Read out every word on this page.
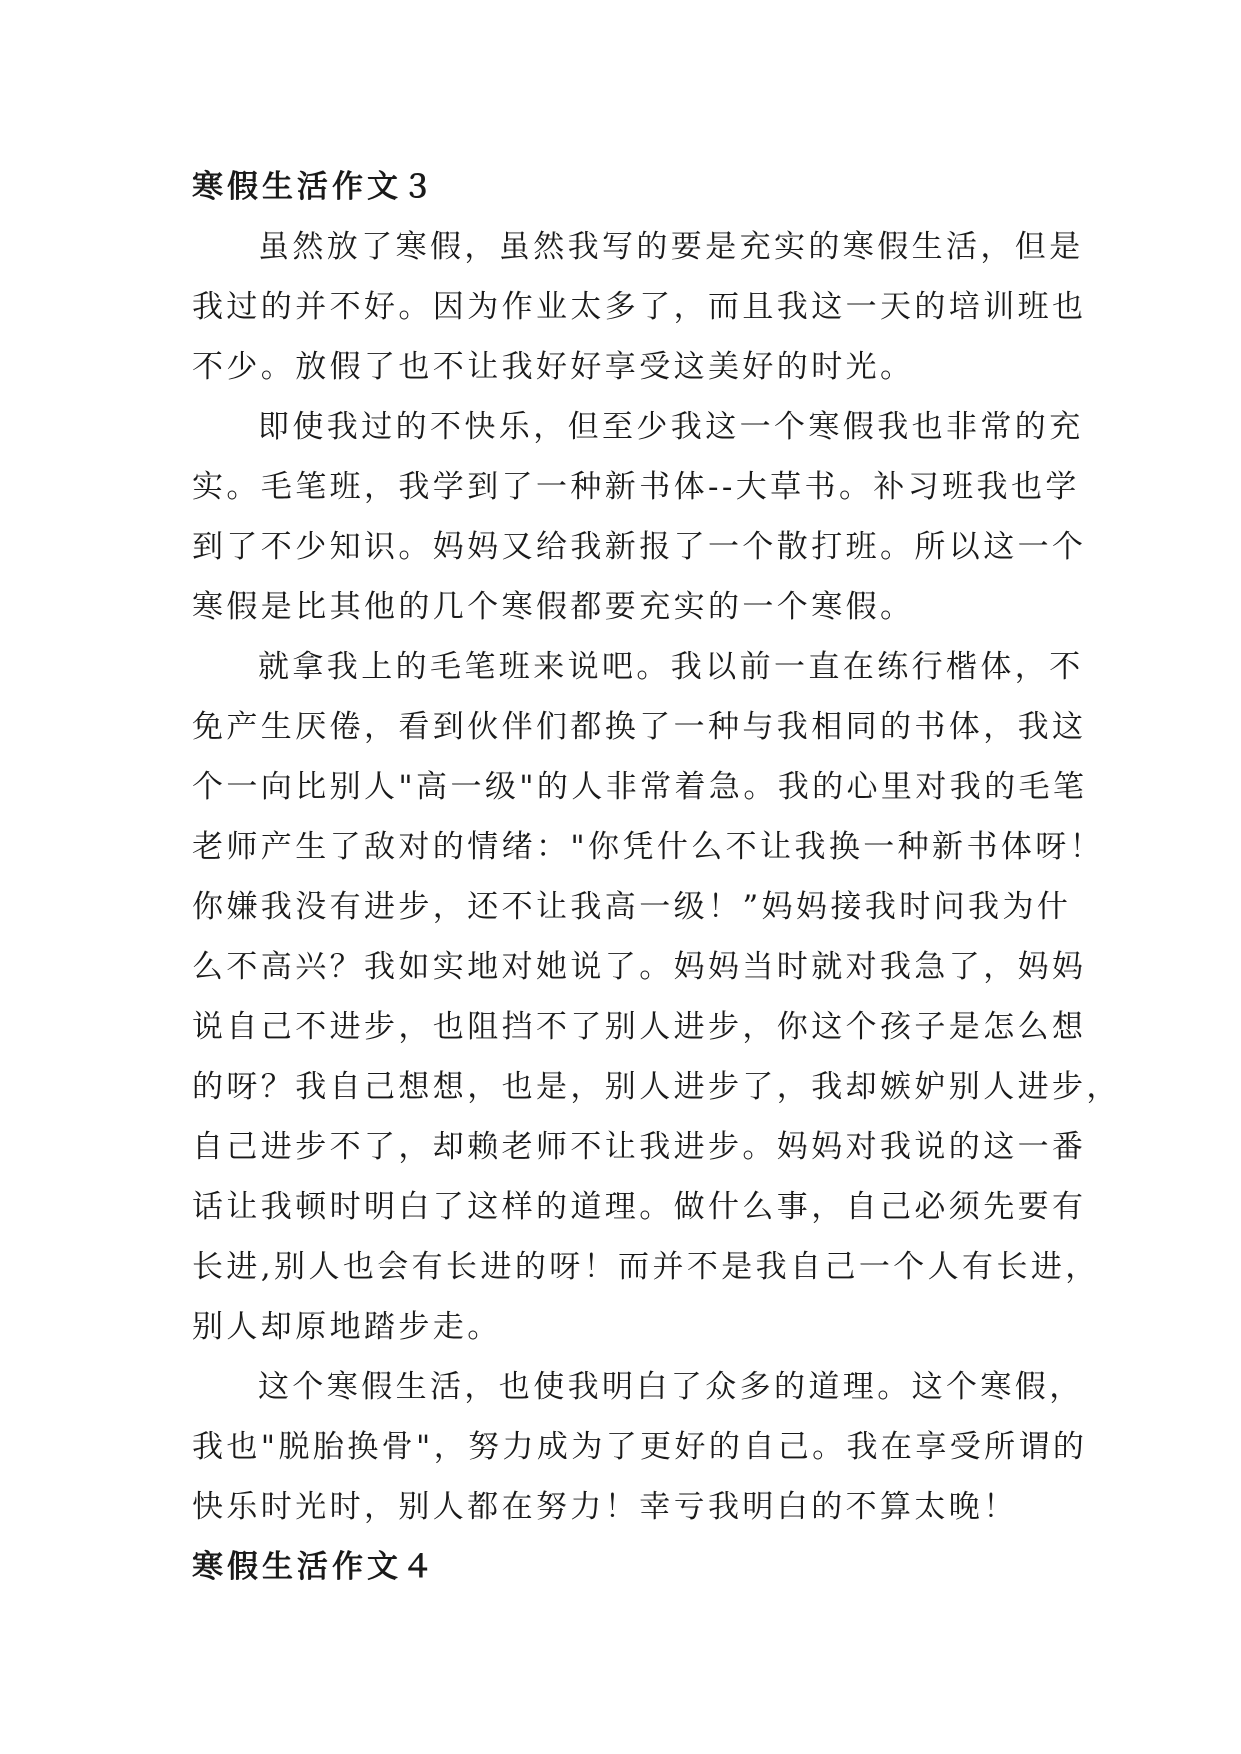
寒假生活作文３

虽然放了寒假，虽然我写的要是充实的寒假生活，但是
我过的并不好。因为作业太多了，而且我这一天的培训班也
不少。放假了也不让我好好享受这美好的时光。

即使我过的不快乐，但至少我这一个寒假我也非常的充
实。毛笔班，我学到了一种新书体--大草书。补习班我也学
到了不少知识。妈妈又给我新报了一个散打班。所以这一个
寒假是比其他的几个寒假都要充实的一个寒假。

就拿我上的毛笔班来说吧。我以前一直在练行楷体，不
免产生厌倦，看到伙伴们都换了一种与我相同的书体，我这
个一向比别人"高一级"的人非常着急。我的心里对我的毛笔
老师产生了敌对的情绪："你凭什么不让我换一种新书体呀！
你嫌我没有进步，还不让我高一级！”妈妈接我时问我为什
么不高兴？我如实地对她说了。妈妈当时就对我急了，妈妈
说自己不进步，也阻挡不了别人进步，你这个孩子是怎么想
的呀？我自己想想，也是，别人进步了，我却嫉妒别人进步，
自己进步不了，却赖老师不让我进步。妈妈对我说的这一番
话让我顿时明白了这样的道理。做什么事，自己必须先要有
长进,别人也会有长进的呀！而并不是我自己一个人有长进，
别人却原地踏步走。

这个寒假生活，也使我明白了众多的道理。这个寒假，
我也"脱胎换骨"，努力成为了更好的自己。我在享受所谓的
快乐时光时，别人都在努力！幸亏我明白的不算太晚！

寒假生活作文４
